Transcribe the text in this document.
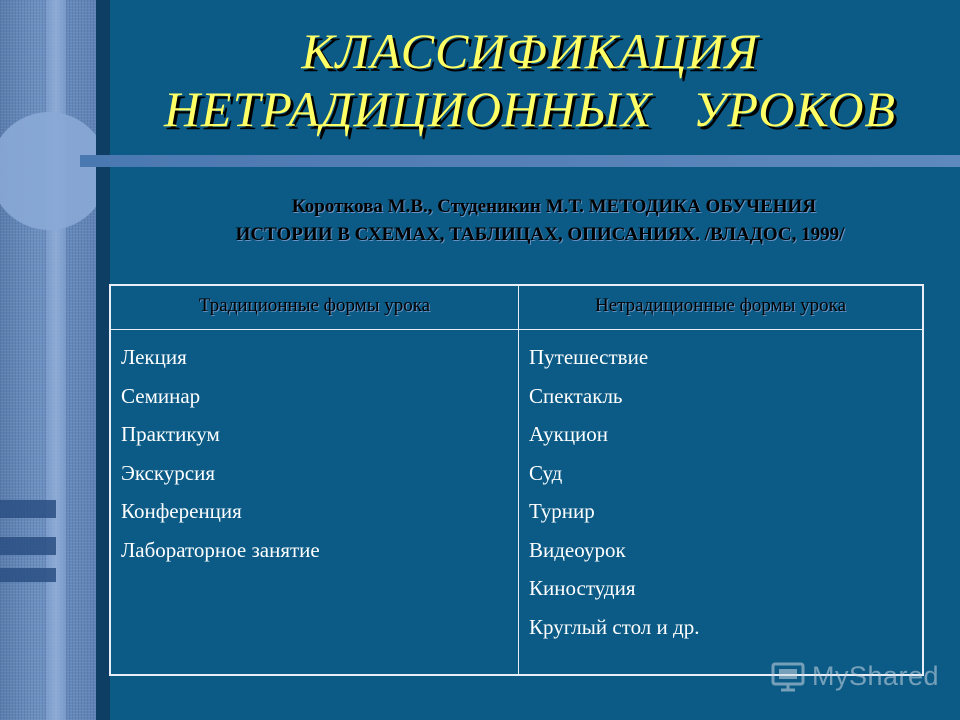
КЛАССИФИКАЦИЯ
НЕТРАДИЦИОННЫХ   УРОКОВ
Короткова М.В., Студеникин М.Т. МЕТОДИКА ОБУЧЕНИЯ
ИСТОРИИ В СХЕМАХ, ТАБЛИЦАХ, ОПИСАНИЯХ. /ВЛАДОС, 1999/
Традиционные формы урока	Нетрадиционные формы урока
Лекция
Семинар
Практикум
Экскурсия
Конференция
Лабораторное занятие
Путешествие
Спектакль
Аукцион
Суд
Турнир
Видеоурок
Киностудия
Круглый стол и др.
MyShared
